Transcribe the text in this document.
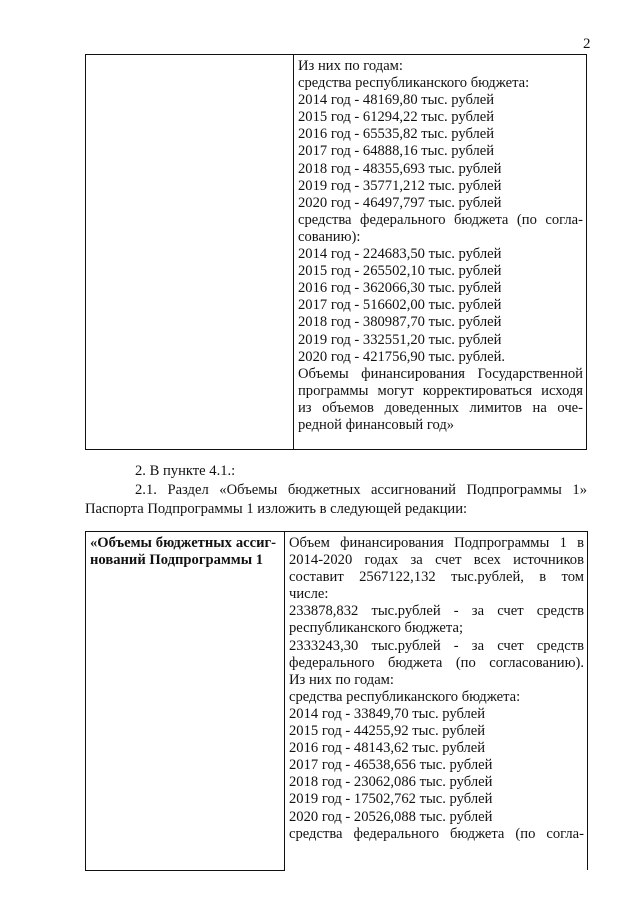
2

Из них по годам:
средства республиканского бюджета:
2014 год - 48169,80 тыс. рублей
2015 год - 61294,22 тыс. рублей
2016 год - 65535,82 тыс. рублей
2017 год - 64888,16 тыс. рублей
2018 год - 48355,693 тыс. рублей
2019 год - 35771,212 тыс. рублей
2020 год - 46497,797 тыс. рублей
средства федерального бюджета (по согла-
сованию):
2014 год - 224683,50 тыс. рублей
2015 год - 265502,10 тыс. рублей
2016 год - 362066,30 тыс. рублей
2017 год - 516602,00 тыс. рублей
2018 год - 380987,70 тыс. рублей
2019 год - 332551,20 тыс. рублей
2020 год - 421756,90 тыс. рублей.
Объемы финансирования Государственной
программы могут корректироваться исходя
из объемов доведенных лимитов на оче-
редной финансовый год»
2. В пункте 4.1.:
2.1. Раздел «Объемы бюджетных ассигнований Подпрограммы 1»
Паспорта Подпрограммы 1 изложить в следующей редакции:
«Объемы бюджетных ассиг-
нований Подпрограммы 1

Объем финансирования Подпрограммы 1 в
2014-2020 годах за счет всех источников
составит 2567122,132 тыс.рублей, в том
числе:
233878,832 тыс.рублей - за счет средств
республиканского бюджета;
2333243,30 тыс.рублей - за счет средств
федерального бюджета (по согласованию).
Из них по годам:
средства республиканского бюджета:
2014 год - 33849,70 тыс. рублей
2015 год - 44255,92 тыс. рублей
2016 год - 48143,62 тыс. рублей
2017 год - 46538,656 тыс. рублей
2018 год - 23062,086 тыс. рублей
2019 год - 17502,762 тыс. рублей
2020 год - 20526,088 тыс. рублей
средства федерального бюджета (по согла-
